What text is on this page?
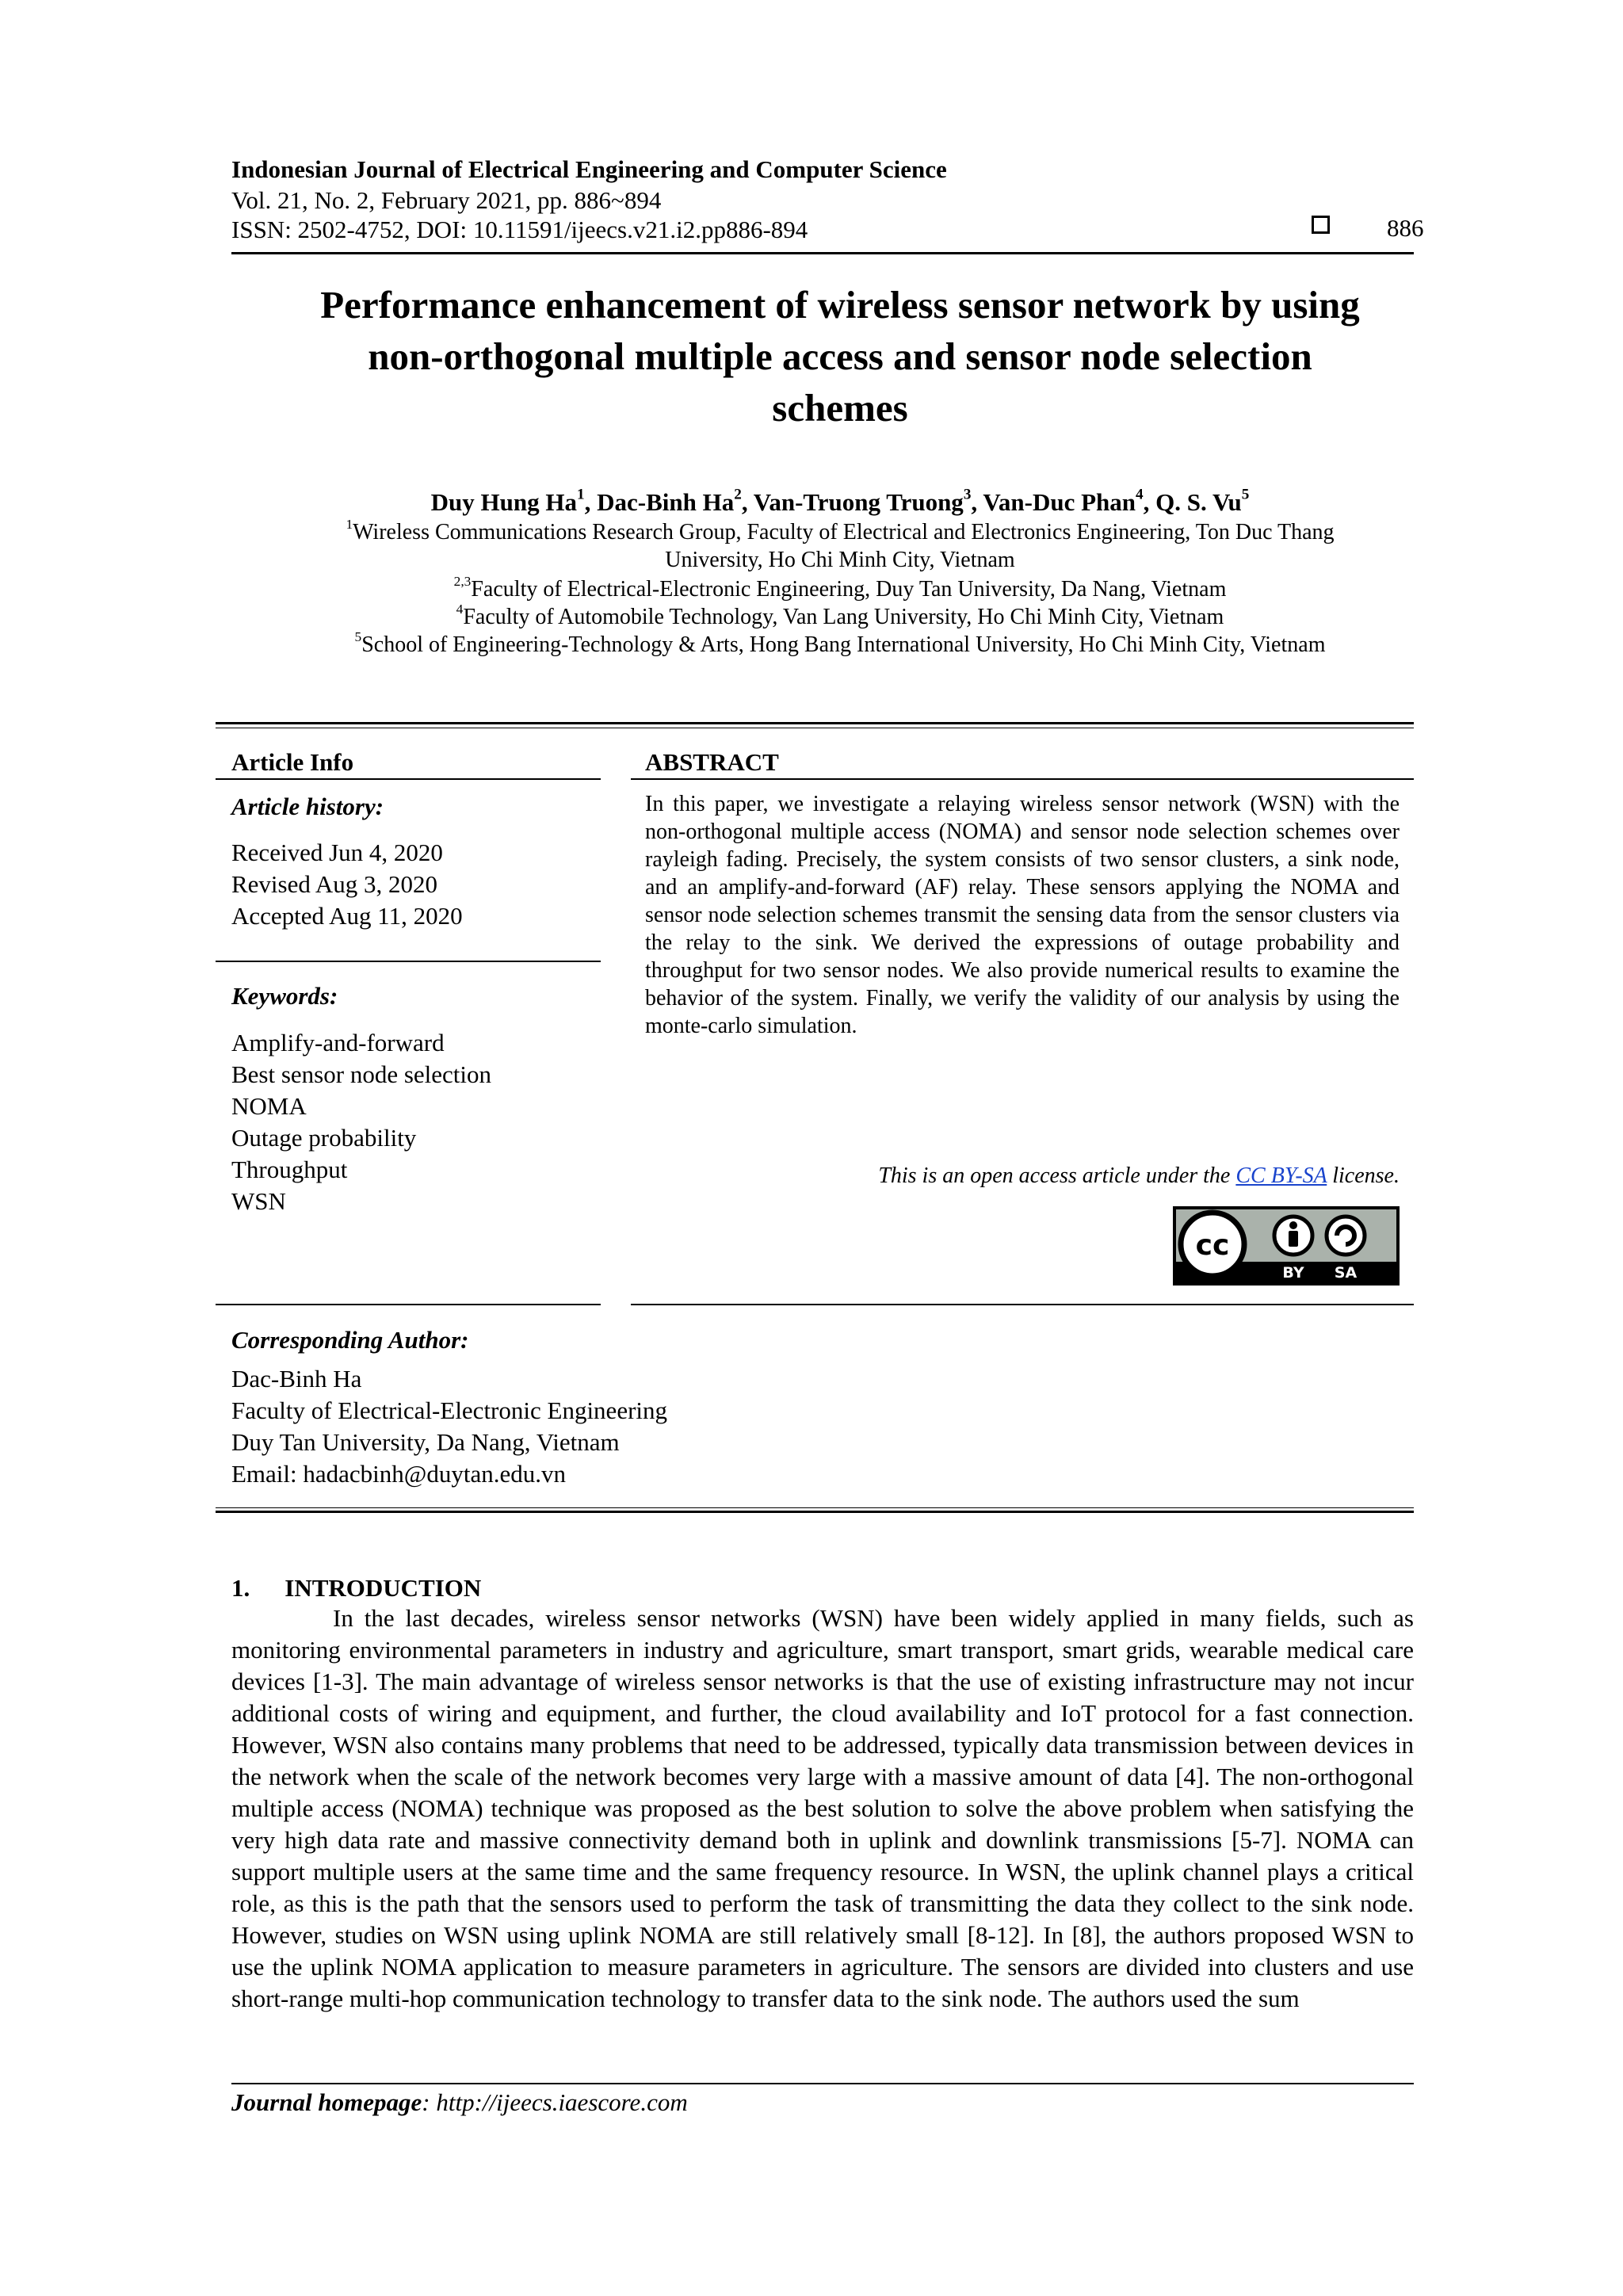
Indonesian Journal of Electrical Engineering and Computer Science
Vol. 21, No. 2, February 2021, pp. 886~894
ISSN: 2502-4752, DOI: 10.11591/ijeecs.v21.i2.pp886-894	886
Performance enhancement of wireless sensor network by using
non-orthogonal multiple access and sensor node selection
schemes
Duy Hung Ha$^1$, Dac-Binh Ha$^2$, Van-Truong Truong$^3$, Van-Duc Phan$^4$, Q. S. Vu$^5$
$^1$Wireless Communications Research Group, Faculty of Electrical and Electronics Engineering, Ton Duc Thang
University, Ho Chi Minh City, Vietnam
$^{2,3}$Faculty of Electrical-Electronic Engineering, Duy Tan University, Da Nang, Vietnam
$^4$Faculty of Automobile Technology, Van Lang University, Ho Chi Minh City, Vietnam
$^5$School of Engineering-Technology & Arts, Hong Bang International University, Ho Chi Minh City, Vietnam
Article Info
Article history:
Received Jun 4, 2020
Revised Aug 3, 2020
Accepted Aug 11, 2020
Keywords:
Amplify-and-forward
Best sensor node selection
NOMA
Outage probability
Throughput
WSN
ABSTRACT
In this paper, we investigate a relaying wireless sensor network (WSN) with the non-orthogonal multiple access (NOMA) and sensor node selection schemes over rayleigh fading. Precisely, the system consists of two sensor clusters, a sink node, and an amplify-and-forward (AF) relay. These sensors applying the NOMA and sensor node selection schemes transmit the sensing data from the sensor clusters via the relay to the sink. We derived the expressions of outage probability and throughput for two sensor nodes. We also provide numerical results to examine the behavior of the system. Finally, we verify the validity of our analysis by using the monte-carlo simulation.
This is an open access article under the CC BY-SA license.
cc
BY SA
Corresponding Author:
Dac-Binh Ha
Faculty of Electrical-Electronic Engineering
Duy Tan University, Da Nang, Vietnam
Email: hadacbinh@duytan.edu.vn
1. INTRODUCTION

In the last decades, wireless sensor networks (WSN) have been widely applied in many fields, such as monitoring environmental parameters in industry and agriculture, smart transport, smart grids, wearable medical care devices [1-3]. The main advantage of wireless sensor networks is that the use of existing infrastructure may not incur additional costs of wiring and equipment, and further, the cloud availability and IoT protocol for a fast connection. However, WSN also contains many problems that need to be addressed, typically data transmission between devices in the network when the scale of the network becomes very large with a massive amount of data [4]. The non-orthogonal multiple access (NOMA) technique was proposed as the best solution to solve the above problem when satisfying the very high data rate and massive connectivity demand both in uplink and downlink transmissions [5-7]. NOMA can support multiple users at the same time and the same frequency resource. In WSN, the uplink channel plays a critical role, as this is the path that the sensors used to perform the task of transmitting the data they collect to the sink node. However, studies on WSN using uplink NOMA are still relatively small [8-12]. In [8], the authors proposed WSN to use the uplink NOMA application to measure parameters in agriculture. The sensors are divided into clusters and use short-range multi-hop communication technology to transfer data to the sink node. The authors used the sum

Journal homepage: http://ijeecs.iaescore.com
